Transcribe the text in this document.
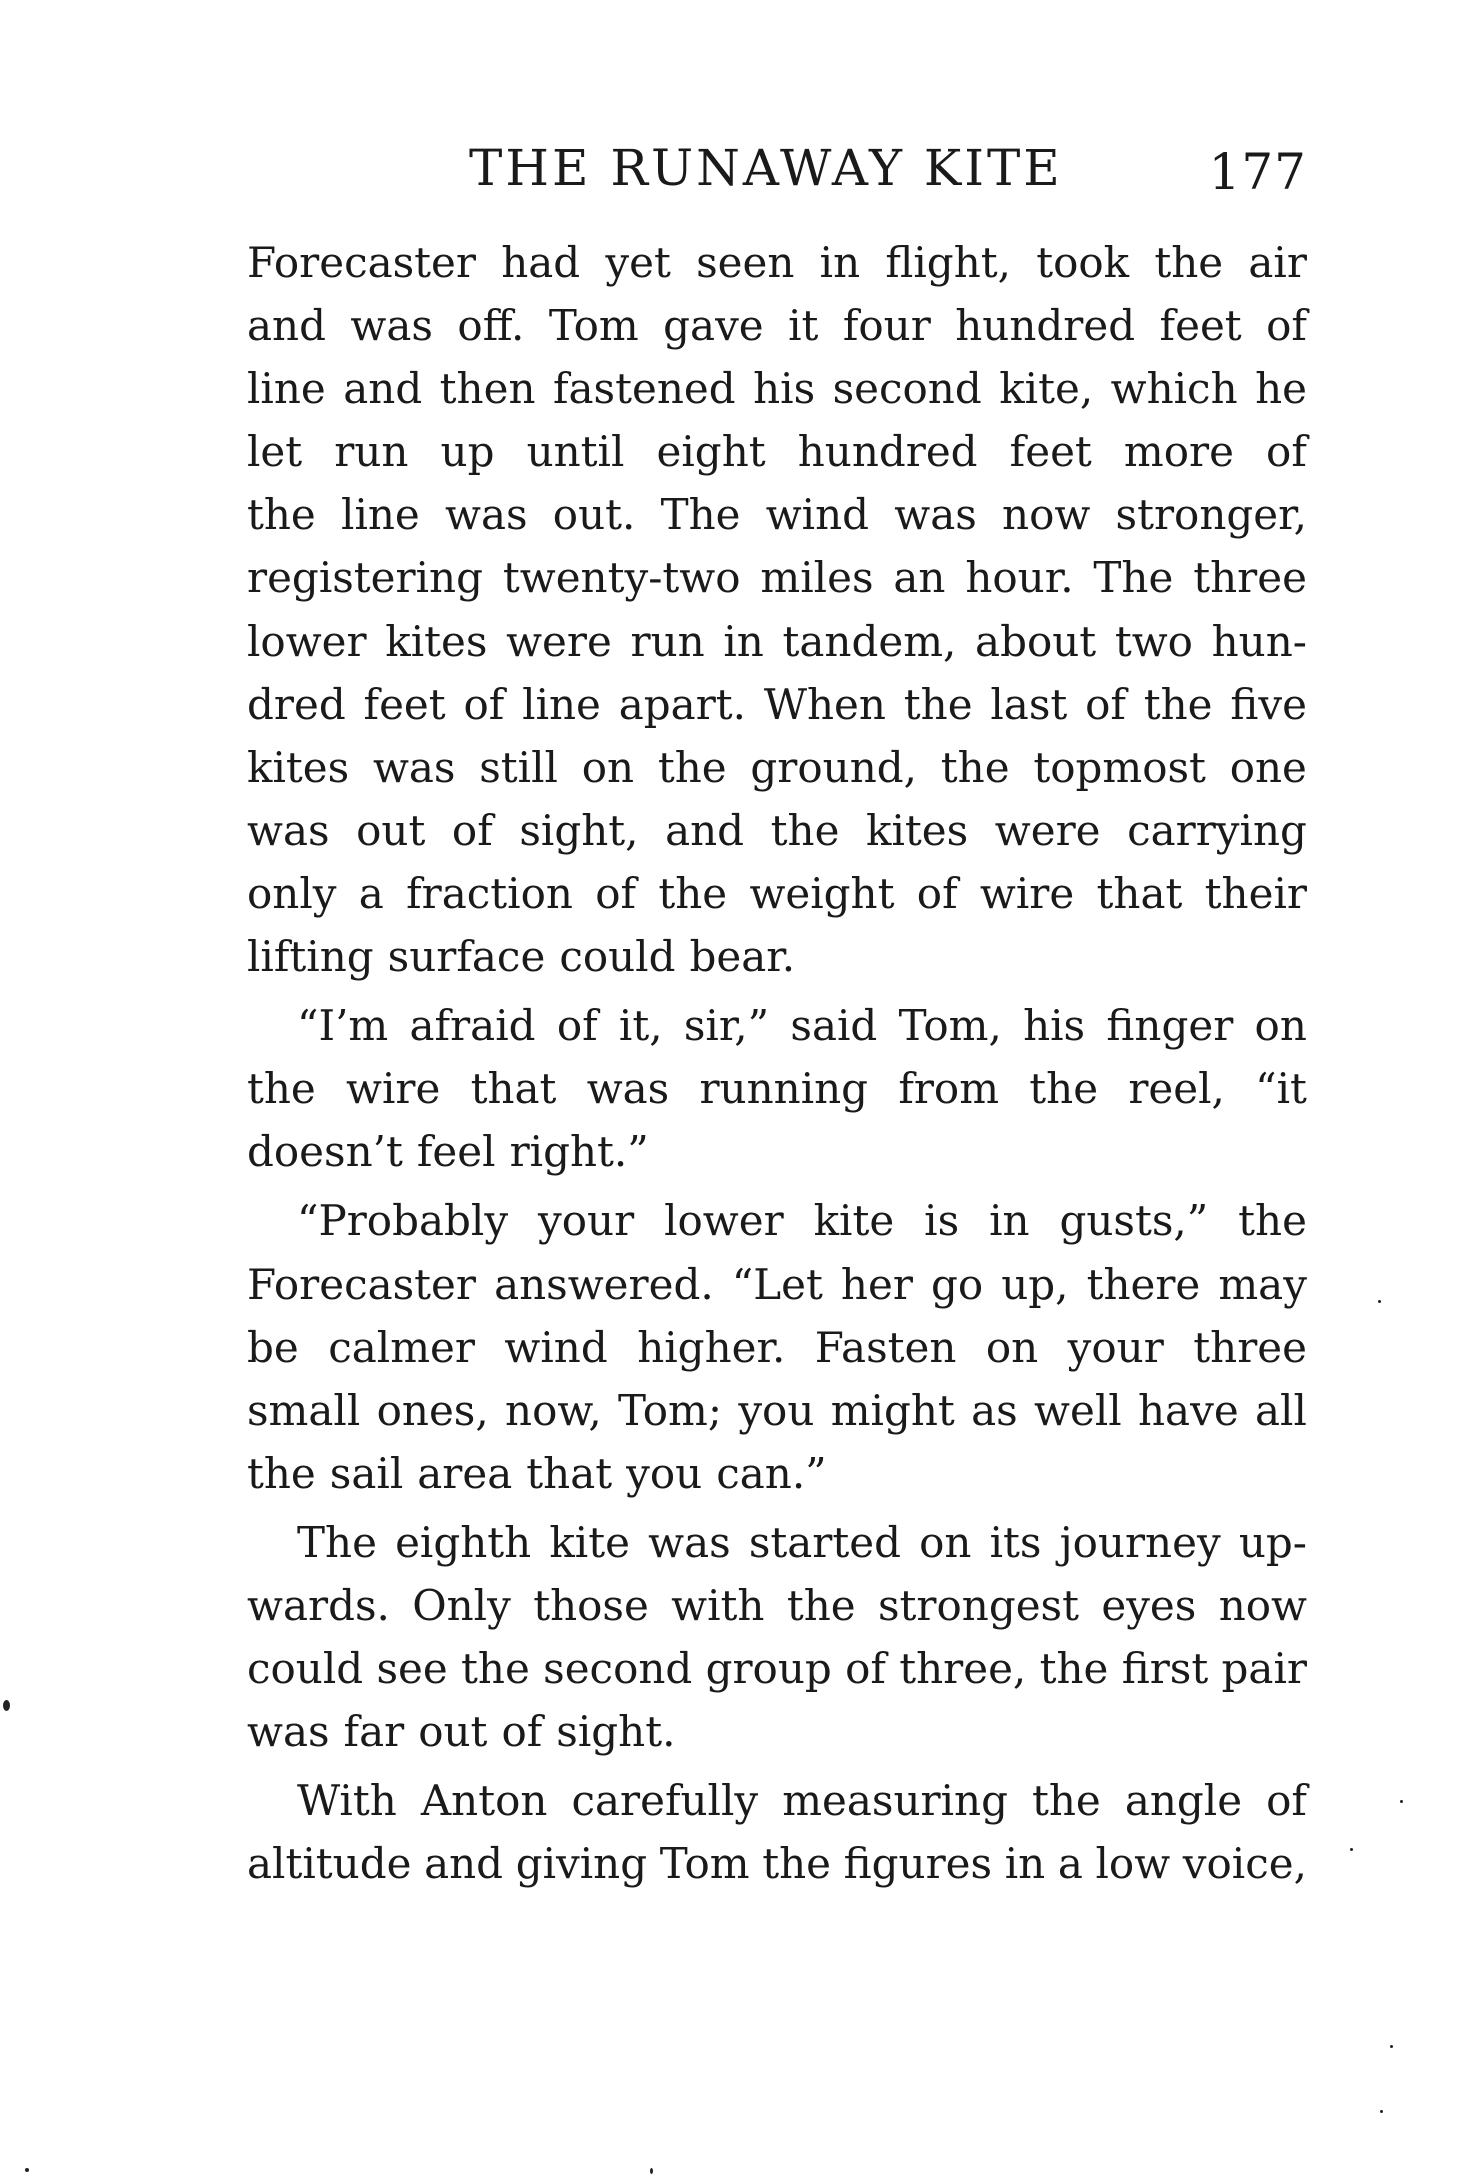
THE RUNAWAY KITE	177
Forecaster had yet seen in flight, took the air
and was off. Tom gave it four hundred feet of
line and then fastened his second kite, which he
let run up until eight hundred feet more of
the line was out. The wind was now stronger,
registering twenty-two miles an hour. The three
lower kites were run in tandem, about two hun-
dred feet of line apart. When the last of the five
kites was still on the ground, the topmost one
was out of sight, and the kites were carrying
only a fraction of the weight of wire that their
lifting surface could bear.
“I’m afraid of it, sir,” said Tom, his finger on
the wire that was running from the reel, “it
doesn’t feel right.”
“Probably your lower kite is in gusts,” the
Forecaster answered. “Let her go up, there may
be calmer wind higher. Fasten on your three
small ones, now, Tom; you might as well have all
the sail area that you can.”
The eighth kite was started on its journey up-
wards. Only those with the strongest eyes now
could see the second group of three, the first pair
was far out of sight.
With Anton carefully measuring the angle of
altitude and giving Tom the figures in a low voice,
